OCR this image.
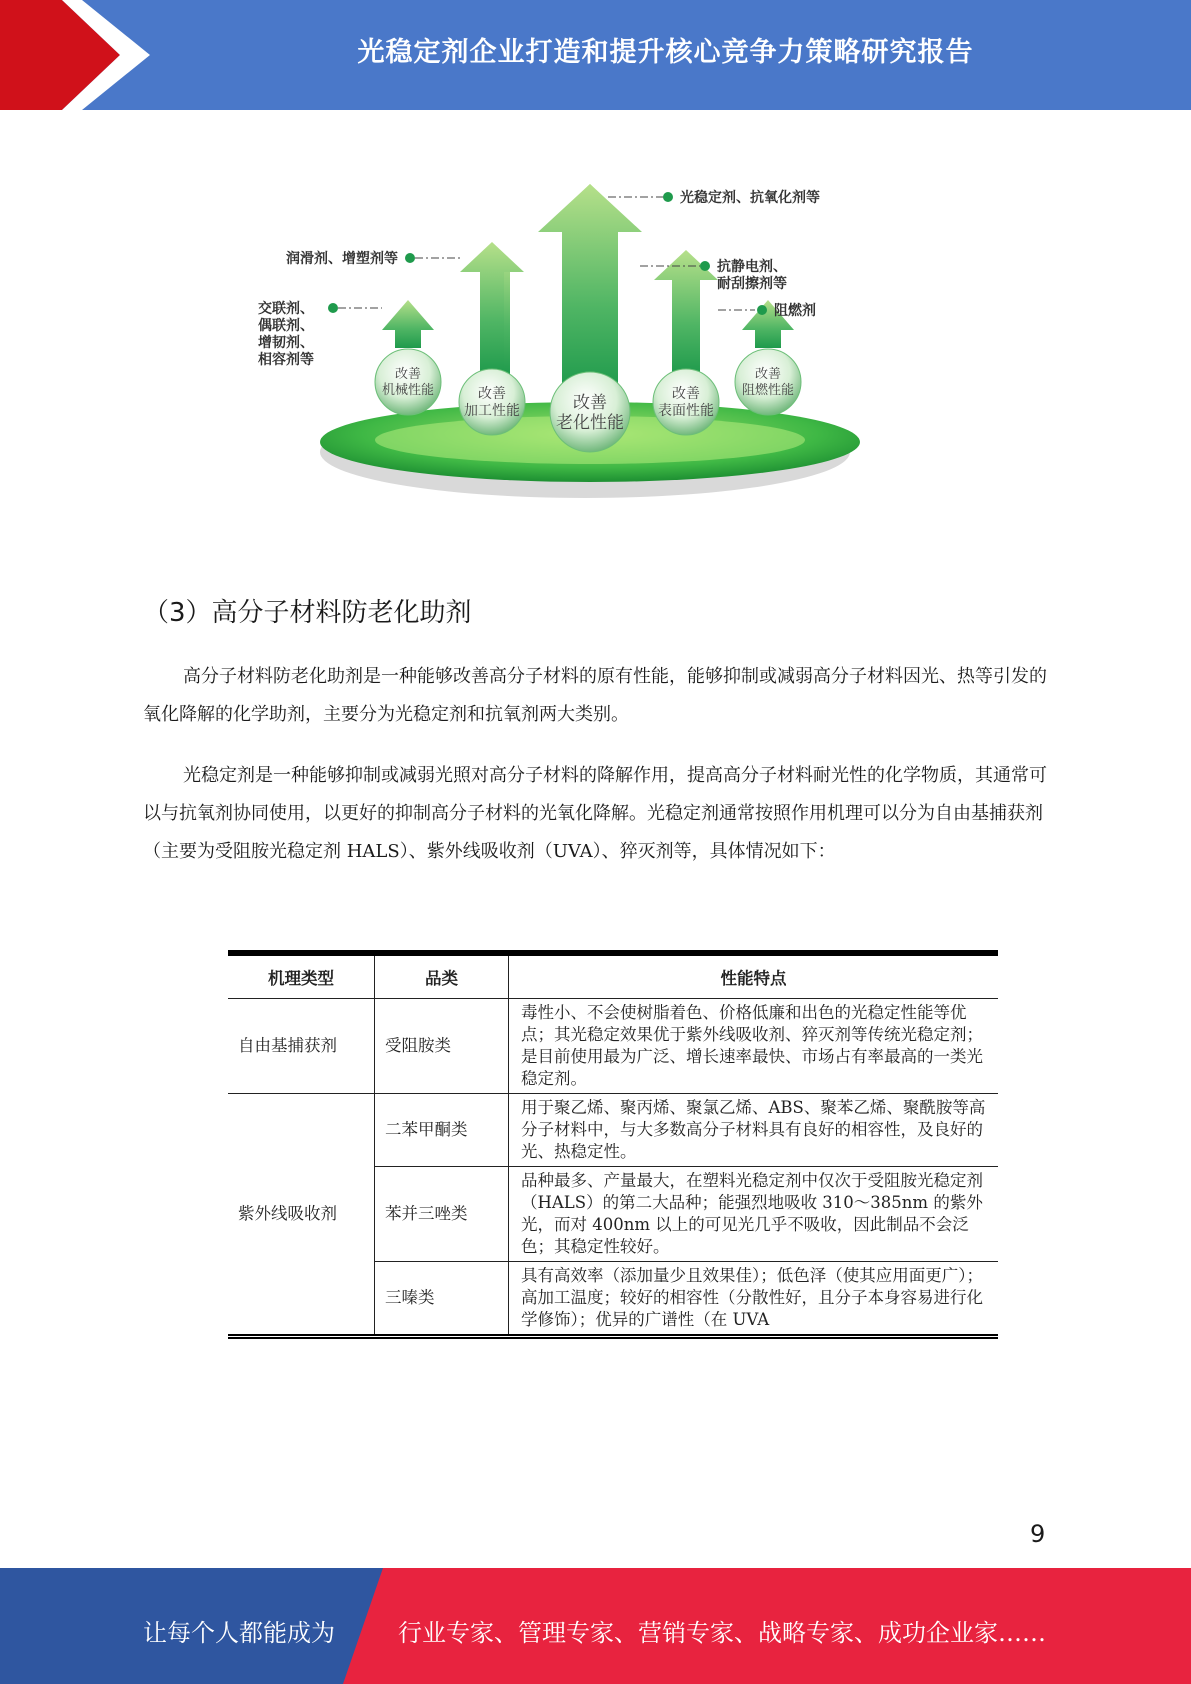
光稳定剂企业打造和提升核心竞争力策略研究报告
改善
机械性能	改善
加工性能	改善
老化性能
改善
表面性能
改善
阻燃性能
光稳定剂、抗氧化剂等
润滑剂、增塑剂等
交联剂、
偶联剂、
增韧剂、
相容剂等
抗静电剂、
耐刮擦剂等
阻燃剂
（3）高分子材料防老化助剂

高分子材料防老化助剂是一种能够改善高分子材料的原有性能，能够抑制或减弱高分子材料因光、热等引发的氧化降解的化学助剂，主要分为光稳定剂和抗氧剂两大类别。

光稳定剂是一种能够抑制或减弱光照对高分子材料的降解作用，提高高分子材料耐光性的化学物质，其通常可以与抗氧剂协同使用，以更好的抑制高分子材料的光氧化降解。光稳定剂通常按照作用机理可以分为自由基捕获剂（主要为受阻胺光稳定剂 HALS）、紫外线吸收剂（UVA）、猝灭剂等，具体情况如下：

机理类型	品类	性能特点
自由基捕获剂	受阻胺类	毒性小、不会使树脂着色、价格低廉和出色的光稳定性能等优点；其光稳定效果优于紫外线吸收剂、猝灭剂等传统光稳定剂；是目前使用最为广泛、增长速率最快、市场占有率最高的一类光稳定剂。
紫外线吸收剂	二苯甲酮类	用于聚乙烯、聚丙烯、聚氯乙烯、ABS、聚苯乙烯、聚酰胺等高分子材料中，与大多数高分子材料具有良好的相容性，及良好的光、热稳定性。
	苯并三唑类	品种最多、产量最大，在塑料光稳定剂中仅次于受阻胺光稳定剂（HALS）的第二大品种；能强烈地吸收 310～385nm 的紫外光，而对 400nm 以上的可见光几乎不吸收，因此制品不会泛色；其稳定性较好。
	三嗪类	具有高效率（添加量少且效果佳）；低色泽（使其应用面更广）；高加工温度；较好的相容性（分散性好，且分子本身容易进行化学修饰）；优异的广谱性（在 UVA
9
让每个人都能成为	行业专家、管理专家、营销专家、战略专家、成功企业家……
